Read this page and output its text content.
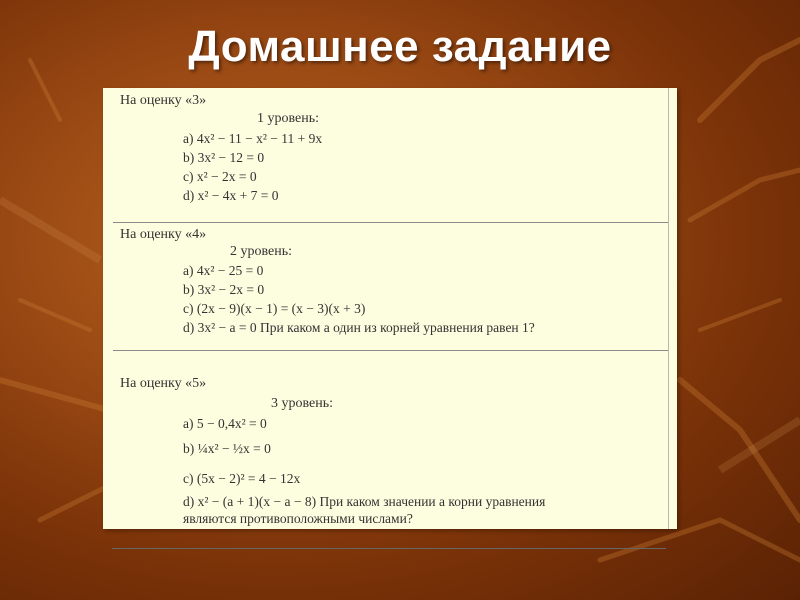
Домашнее задание
На оценку «3»
1 уровень:
a) 4x² − 11 − x² − 11 + 9x
b) 3x² − 12 = 0
c) x² − 2x = 0
d) x² − 4x + 7 = 0
На оценку «4»
2 уровень:
a) 4x² − 25 = 0
b) 3x² − 2x = 0
c) (2x − 9)(x − 1) = (x − 3)(x + 3)
d) 3x² − a = 0 При каком а один из корней уравнения равен 1?
На оценку «5»
3 уровень:
a) 5 − 0,4x² = 0
b) ¼x² − ½x = 0
c) (5x − 2)² = 4 − 12x
d) x² − (a + 1)(x − a − 8) При каком значении а корни уравнения
являются противоположными числами?
